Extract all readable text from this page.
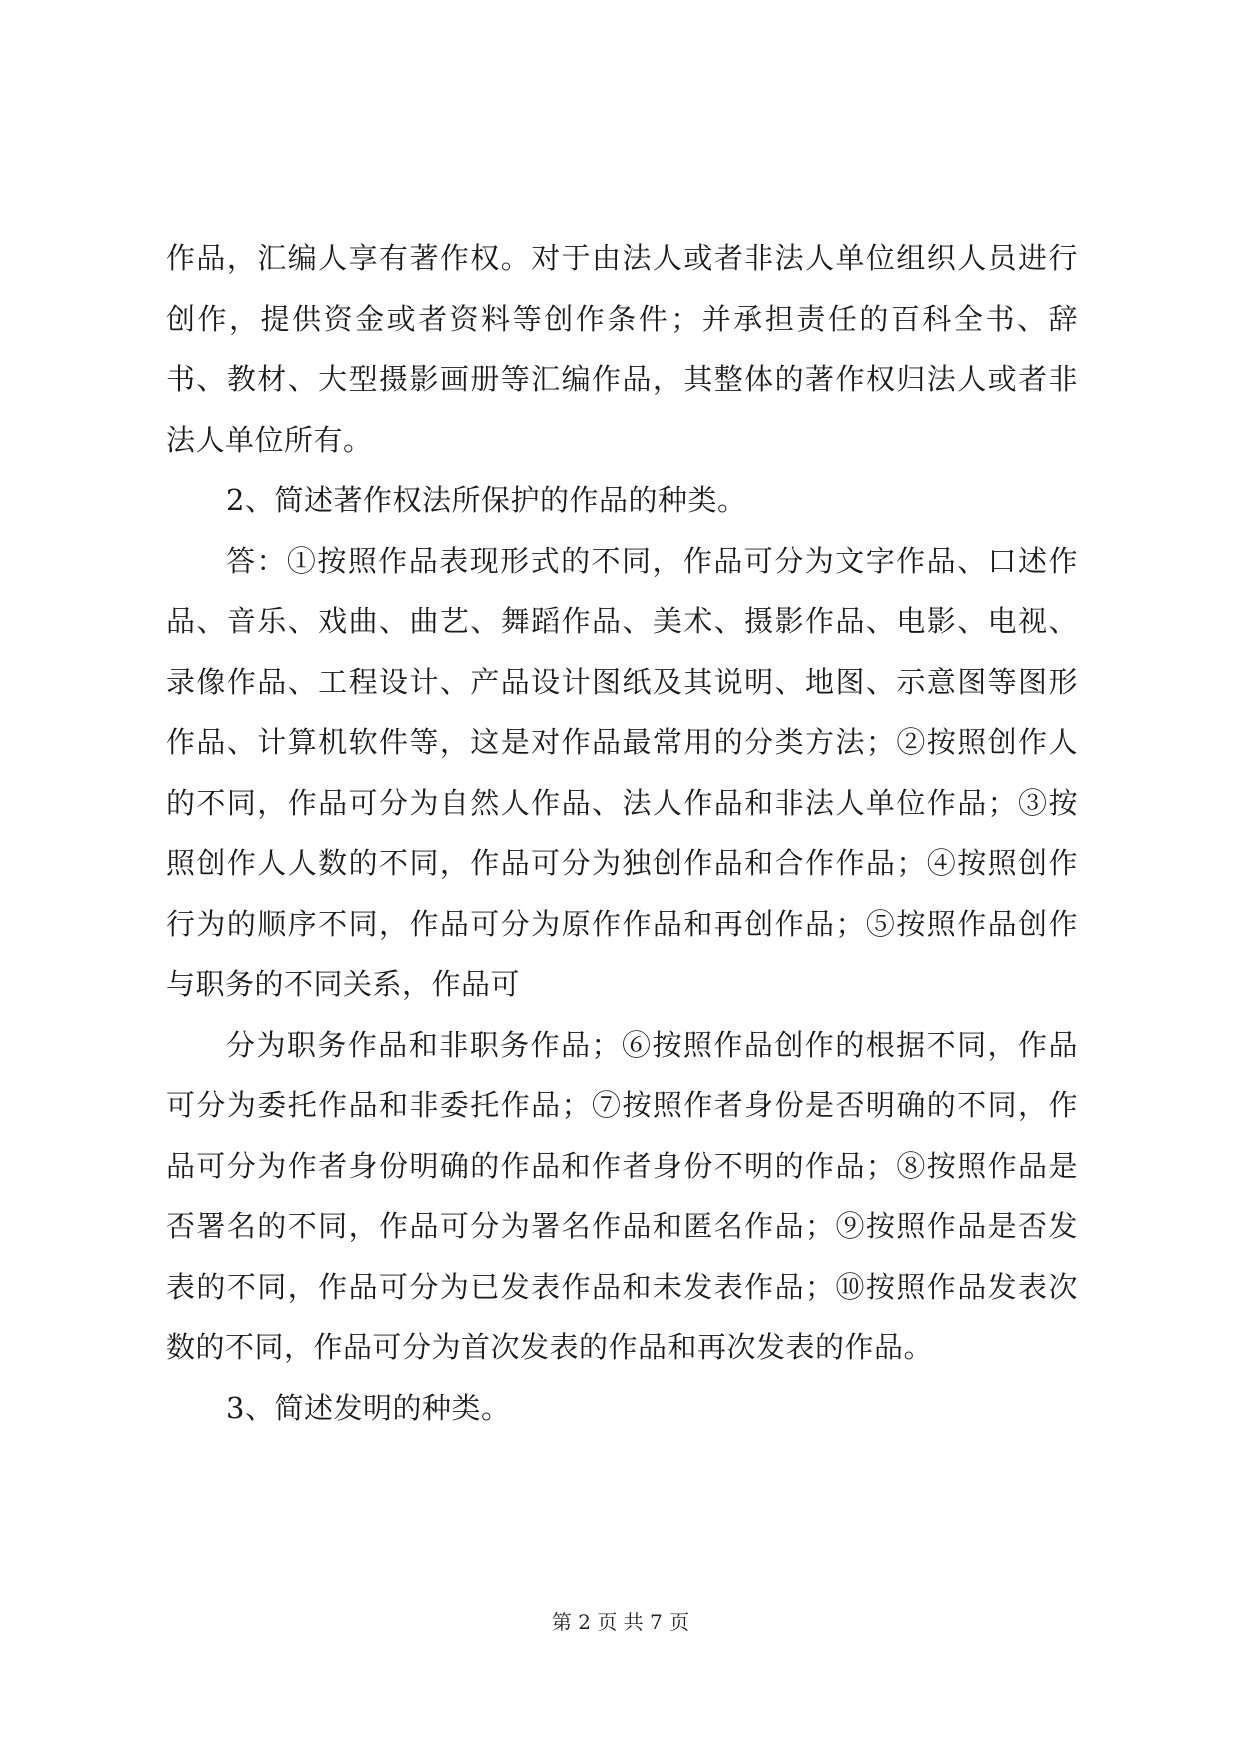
作品，汇编人享有著作权。对于由法人或者非法人单位组织人员进行创作，提供资金或者资料等创作条件；并承担责任的百科全书、辞书、教材、大型摄影画册等汇编作品，其整体的著作权归法人或者非法人单位所有。

2、简述著作权法所保护的作品的种类。

答：①按照作品表现形式的不同，作品可分为文字作品、口述作品、音乐、戏曲、曲艺、舞蹈作品、美术、摄影作品、电影、电视、录像作品、工程设计、产品设计图纸及其说明、地图、示意图等图形作品、计算机软件等，这是对作品最常用的分类方法；②按照创作人的不同，作品可分为自然人作品、法人作品和非法人单位作品；③按照创作人人数的不同，作品可分为独创作品和合作作品；④按照创作行为的顺序不同，作品可分为原作作品和再创作品；⑤按照作品创作与职务的不同关系，作品可

分为职务作品和非职务作品；⑥按照作品创作的根据不同，作品可分为委托作品和非委托作品；⑦按照作者身份是否明确的不同，作品可分为作者身份明确的作品和作者身份不明的作品；⑧按照作品是否署名的不同，作品可分为署名作品和匿名作品；⑨按照作品是否发表的不同，作品可分为已发表作品和未发表作品；⑩按照作品发表次数的不同，作品可分为首次发表的作品和再次发表的作品。

3、简述发明的种类。

第 2 页 共 7 页
